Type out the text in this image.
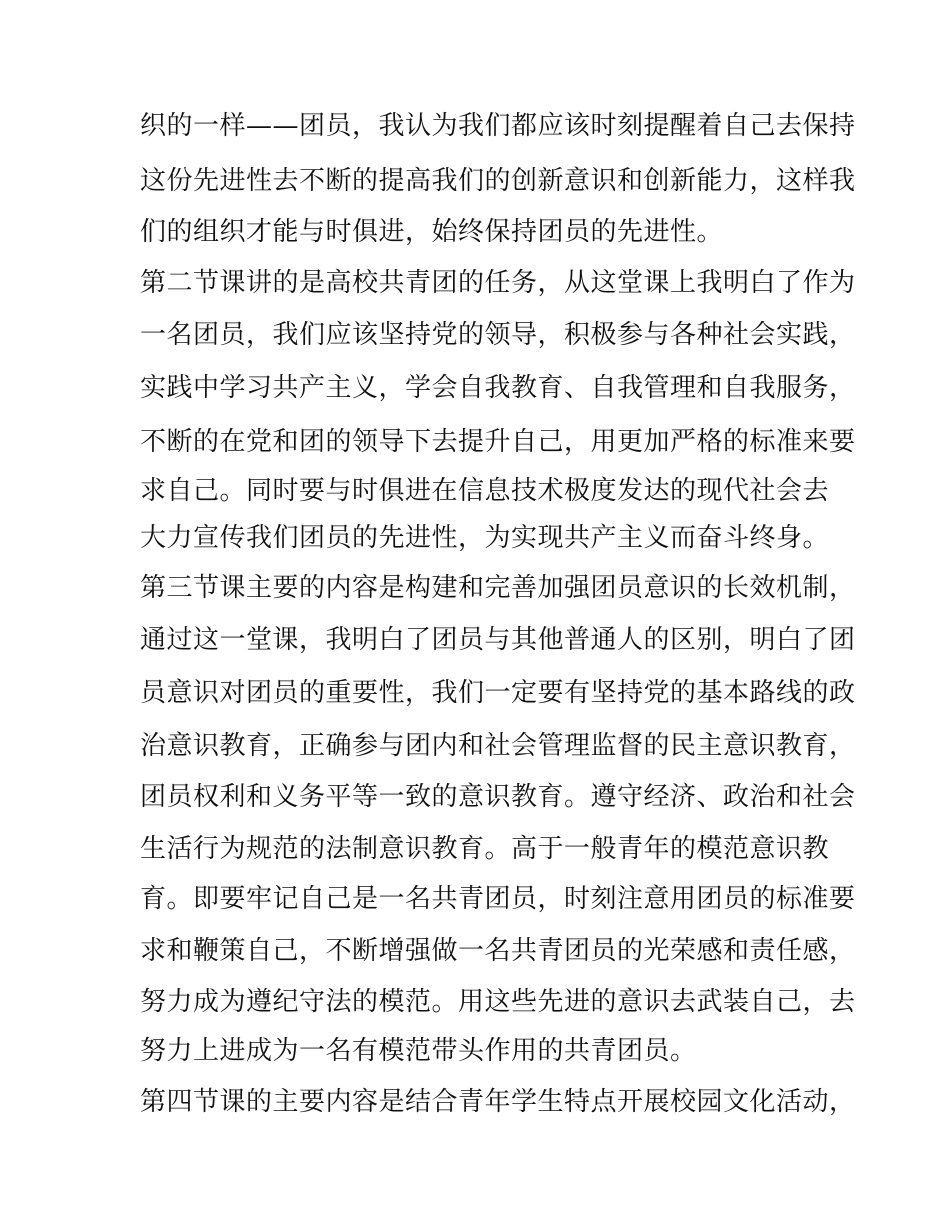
织的一样——团员，我认为我们都应该时刻提醒着自己去保持
这份先进性去不断的提高我们的创新意识和创新能力，这样我
们的组织才能与时俱进，始终保持团员的先进性。
第二节课讲的是高校共青团的任务，从这堂课上我明白了作为
一名团员，我们应该坚持党的领导，积极参与各种社会实践，
实践中学习共产主义，学会自我教育、自我管理和自我服务，
不断的在党和团的领导下去提升自己，用更加严格的标准来要
求自己。同时要与时俱进在信息技术极度发达的现代社会去
大力宣传我们团员的先进性，为实现共产主义而奋斗终身。
第三节课主要的内容是构建和完善加强团员意识的长效机制，
通过这一堂课，我明白了团员与其他普通人的区别，明白了团
员意识对团员的重要性，我们一定要有坚持党的基本路线的政
治意识教育，正确参与团内和社会管理监督的民主意识教育，
团员权利和义务平等一致的意识教育。遵守经济、政治和社会
生活行为规范的法制意识教育。高于一般青年的模范意识教
育。即要牢记自己是一名共青团员，时刻注意用团员的标准要
求和鞭策自己，不断增强做一名共青团员的光荣感和责任感，
努力成为遵纪守法的模范。用这些先进的意识去武装自己，去
努力上进成为一名有模范带头作用的共青团员。
第四节课的主要内容是结合青年学生特点开展校园文化活动，
